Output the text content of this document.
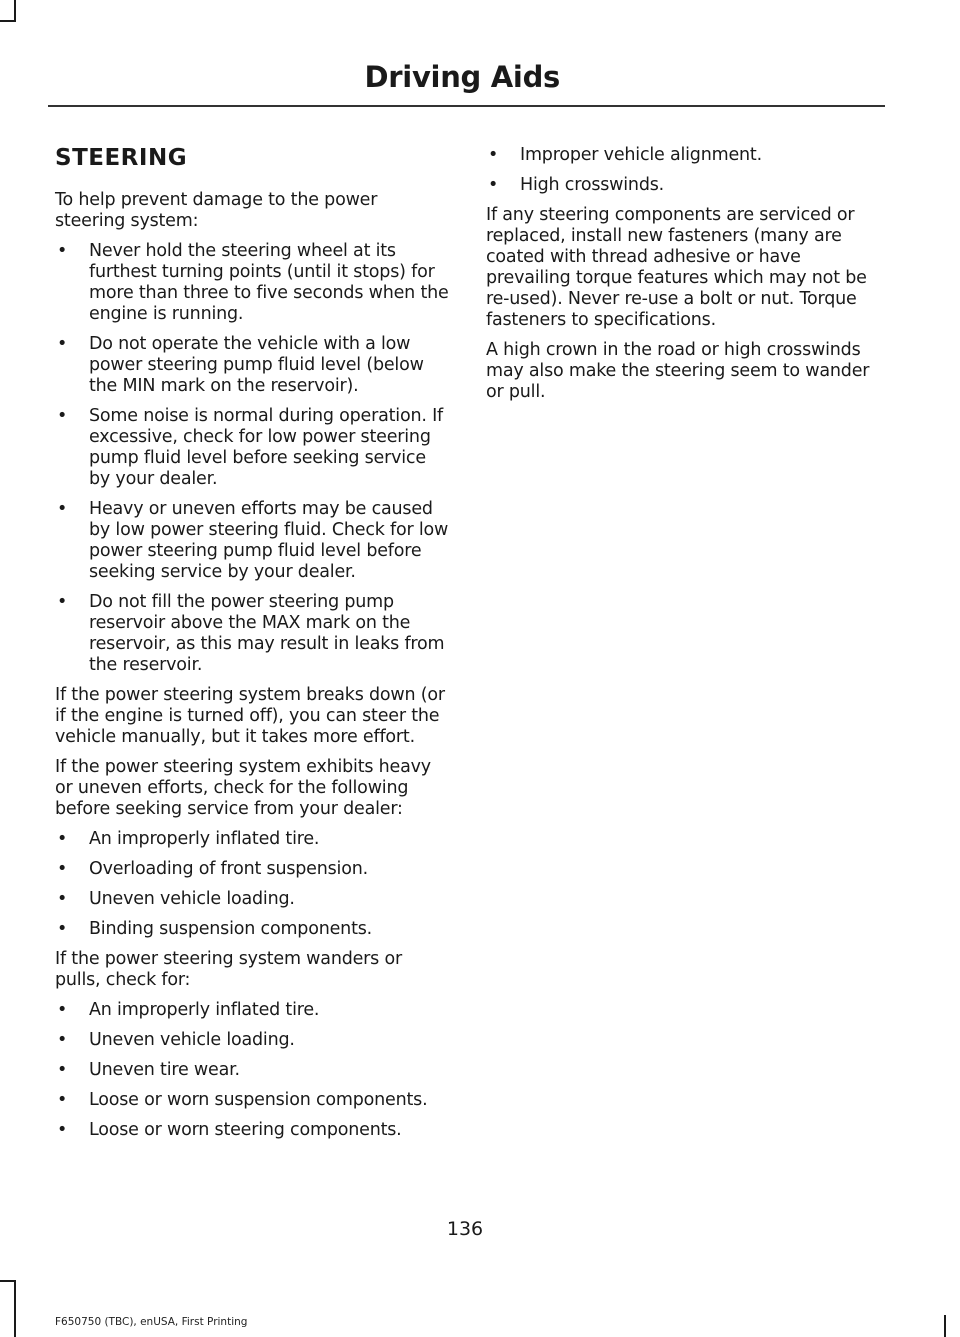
Driving Aids
STEERING

To help prevent damage to the power steering system:

• Never hold the steering wheel at its furthest turning points (until it stops) for more than three to five seconds when the engine is running.
• Do not operate the vehicle with a low power steering pump fluid level (below the MIN mark on the reservoir).
• Some noise is normal during operation. If excessive, check for low power steering pump fluid level before seeking service by your dealer.
• Heavy or uneven efforts may be caused by low power steering fluid. Check for low power steering pump fluid level before seeking service by your dealer.
• Do not fill the power steering pump reservoir above the MAX mark on the reservoir, as this may result in leaks from the reservoir.

If the power steering system breaks down (or if the engine is turned off), you can steer the vehicle manually, but it takes more effort.

If the power steering system exhibits heavy or uneven efforts, check for the following before seeking service from your dealer:

• An improperly inflated tire.
• Overloading of front suspension.
• Uneven vehicle loading.
• Binding suspension components.

If the power steering system wanders or pulls, check for:

• An improperly inflated tire.
• Uneven vehicle loading.
• Uneven tire wear.
• Loose or worn suspension components.
• Loose or worn steering components.
• Improper vehicle alignment.
• High crosswinds.

If any steering components are serviced or replaced, install new fasteners (many are coated with thread adhesive or have prevailing torque features which may not be re-used). Never re-use a bolt or nut. Torque fasteners to specifications.

A high crown in the road or high crosswinds may also make the steering seem to wander or pull.

136
F650750 (TBC), enUSA, First Printing
